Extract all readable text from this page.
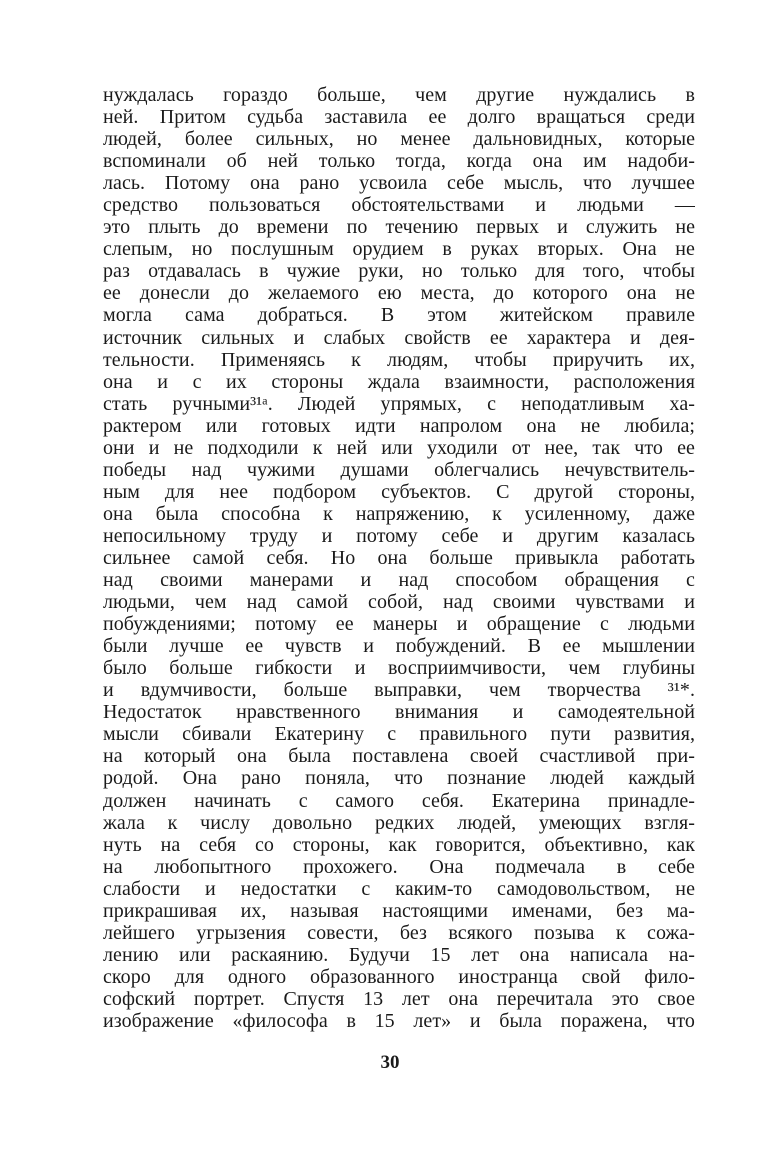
нуждалась гораздо больше, чем другие нуждались в
ней. Притом судьба заставила ее долго вращаться среди
людей, более сильных, но менее дальновидных, которые
вспоминали об ней только тогда, когда она им надоби-
лась. Потому она рано усвоила себе мысль, что лучшее
средство пользоваться обстоятельствами и людьми —
это плыть до времени по течению первых и служить не
слепым, но послушным орудием в руках вторых. Она не
раз отдавалась в чужие руки, но только для того, чтобы
ее донесли до желаемого ею места, до которого она не
могла сама добраться. В этом житейском правиле
источник сильных и слабых свойств ее характера и дея-
тельности. Применяясь к людям, чтобы приручить их,
она и с их стороны ждала взаимности, расположения
стать ручными³¹ᵃ. Людей упрямых, с неподатливым ха-
рактером или готовых идти напролом она не любила;
они и не подходили к ней или уходили от нее, так что ее
победы над чужими душами облегчались нечувствитель-
ным для нее подбором субъектов. С другой стороны,
она была способна к напряжению, к усиленному, даже
непосильному труду и потому себе и другим казалась
сильнее самой себя. Но она больше привыкла работать
над своими манерами и над способом обращения с
людьми, чем над самой собой, над своими чувствами и
побуждениями; потому ее манеры и обращение с людьми
были лучше ее чувств и побуждений. В ее мышлении
было больше гибкости и восприимчивости, чем глубины
и вдумчивости, больше выправки, чем творчества ³¹*.
Недостаток нравственного внимания и самодеятельной
мысли сбивали Екатерину с правильного пути развития,
на который она была поставлена своей счастливой при-
родой. Она рано поняла, что познание людей каждый
должен начинать с самого себя. Екатерина принадле-
жала к числу довольно редких людей, умеющих взгля-
нуть на себя со стороны, как говорится, объективно, как
на любопытного прохожего. Она подмечала в себе
слабости и недостатки с каким-то самодовольством, не
прикрашивая их, называя настоящими именами, без ма-
лейшего угрызения совести, без всякого позыва к сожа-
лению или раскаянию. Будучи 15 лет она написала на-
скоро для одного образованного иностранца свой фило-
софский портрет. Спустя 13 лет она перечитала это свое
изображение «философа в 15 лет» и была поражена, что
30
